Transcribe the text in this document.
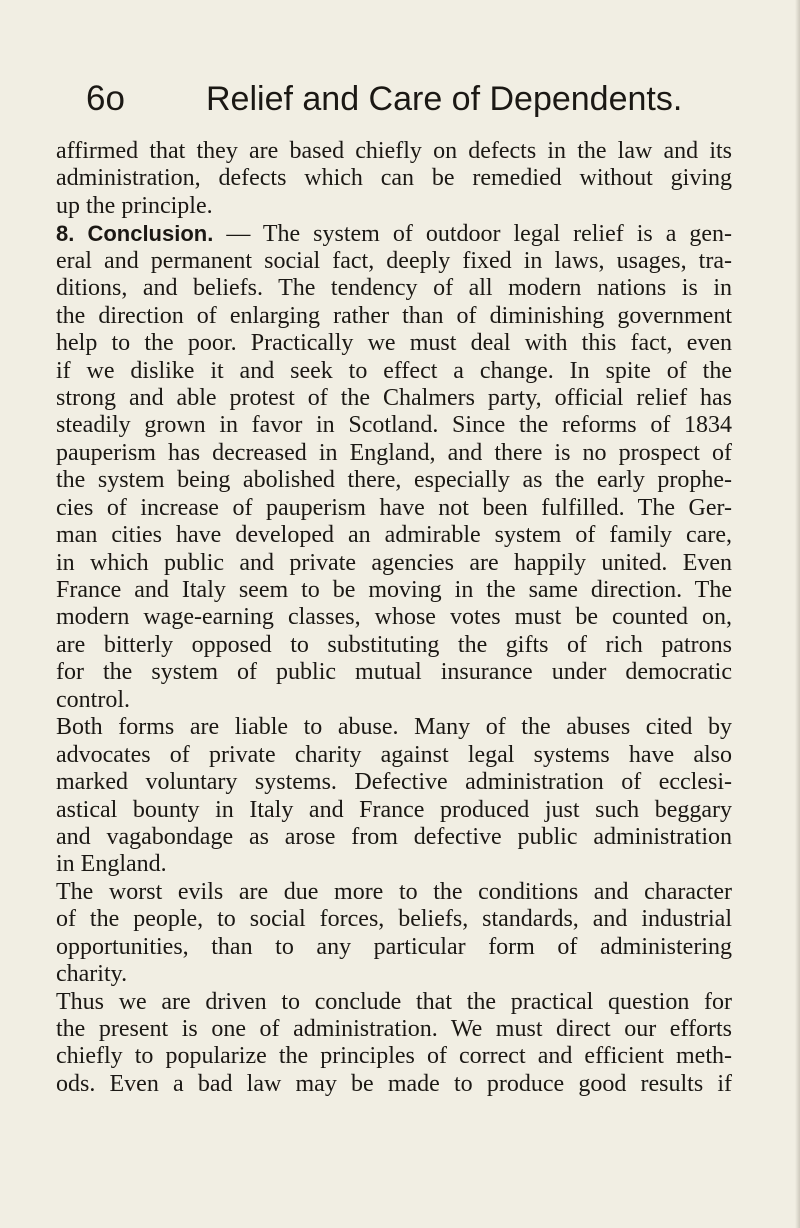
6o Relief and Care of Dependents.
affirmed that they are based chiefly on defects in the law and its
administration, defects which can be remedied without giving
up the principle.
8. Conclusion. — The system of outdoor legal relief is a gen-
eral and permanent social fact, deeply fixed in laws, usages, tra-
ditions, and beliefs. The tendency of all modern nations is in
the direction of enlarging rather than of diminishing government
help to the poor. Practically we must deal with this fact, even
if we dislike it and seek to effect a change. In spite of the
strong and able protest of the Chalmers party, official relief has
steadily grown in favor in Scotland. Since the reforms of 1834
pauperism has decreased in England, and there is no prospect of
the system being abolished there, especially as the early prophe-
cies of increase of pauperism have not been fulfilled. The Ger-
man cities have developed an admirable system of family care,
in which public and private agencies are happily united. Even
France and Italy seem to be moving in the same direction. The
modern wage-earning classes, whose votes must be counted on,
are bitterly opposed to substituting the gifts of rich patrons
for the system of public mutual insurance under democratic
control.
Both forms are liable to abuse. Many of the abuses cited by
advocates of private charity against legal systems have also
marked voluntary systems. Defective administration of ecclesi-
astical bounty in Italy and France produced just such beggary
and vagabondage as arose from defective public administration
in England.
The worst evils are due more to the conditions and character
of the people, to social forces, beliefs, standards, and industrial
opportunities, than to any particular form of administering
charity.
Thus we are driven to conclude that the practical question for
the present is one of administration. We must direct our efforts
chiefly to popularize the principles of correct and efficient meth-
ods. Even a bad law may be made to produce good results if
